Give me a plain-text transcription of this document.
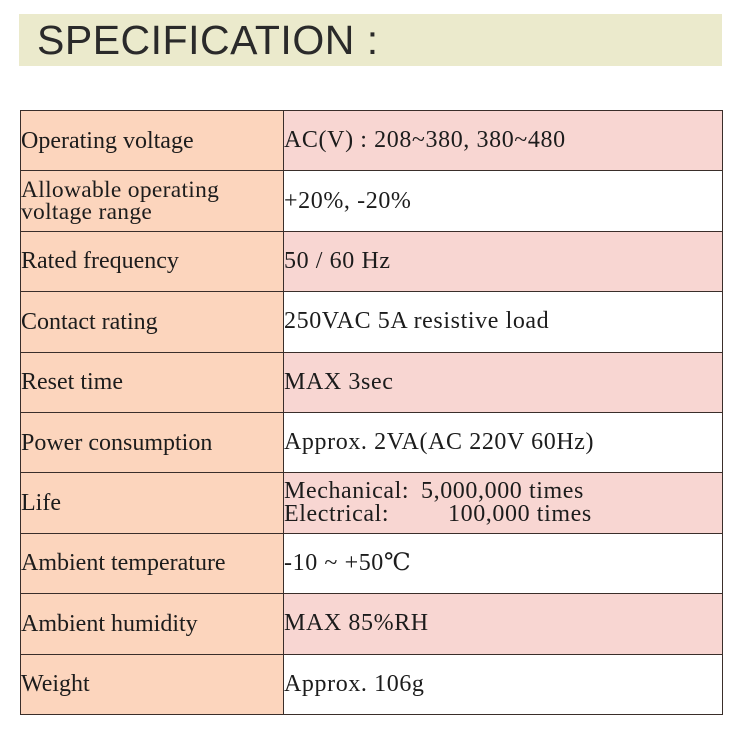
SPECIFICATION :
Operating voltage	AC(V) : 208~380, 380~480

Allowable operating
voltage range	+20%, -20%
Rated frequency	50 / 60 Hz
Contact rating	250VAC 5A resistive load
Reset time	MAX 3sec
Power consumption	Approx. 2VA(AC 220V 60Hz)
Life	Mechanical: 5,000,000 times
Electrical: 100,000 times

Ambient temperature	-10 ~ +50℃
Ambient humidity	MAX 85%RH
Weight	Approx. 106g
